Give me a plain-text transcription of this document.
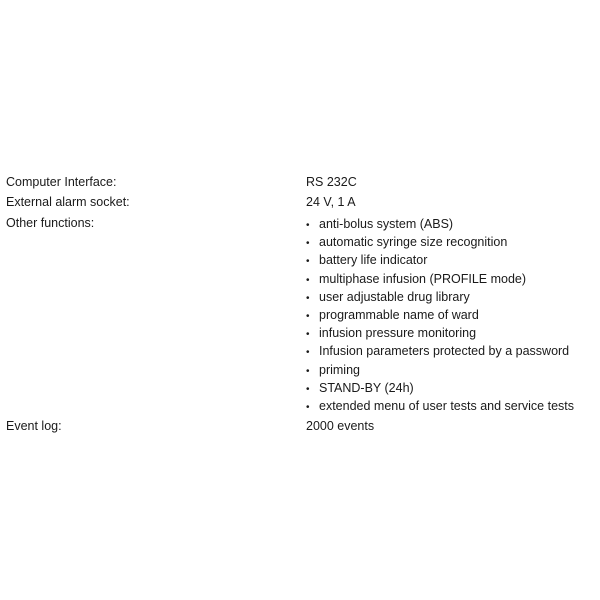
Computer Interface:	RS 232C
External alarm socket:	24 V, 1 A
Other functions:	• anti-bolus system (ABS)
• automatic syringe size recognition
• battery life indicator
• multiphase infusion (PROFILE mode)
• user adjustable drug library
• programmable name of ward
• infusion pressure monitoring
• Infusion parameters protected by a password
• priming
• STAND-BY (24h)
• extended menu of user tests and service tests
Event log:	2000 events
